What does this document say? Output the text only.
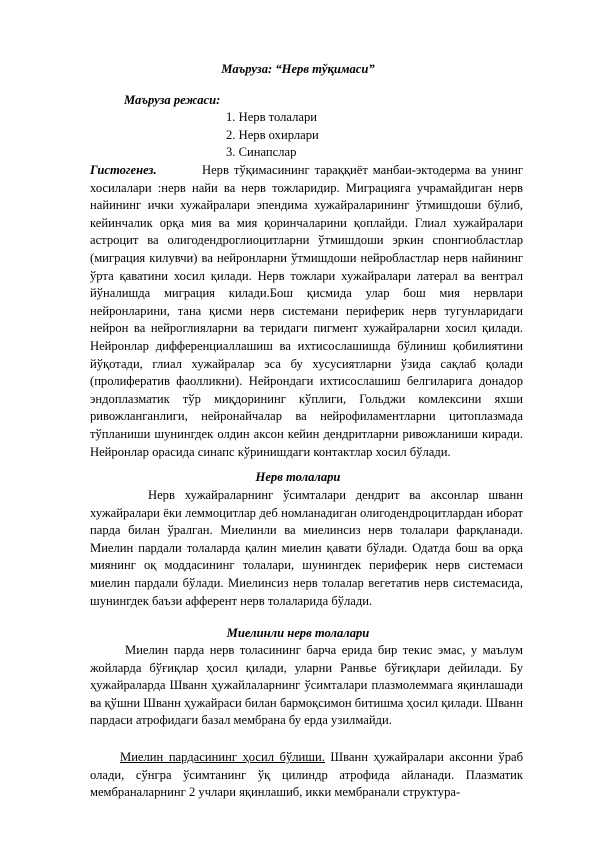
Маъруза: “Нерв тўқимаси”
Маъруза режаси:
1. Нерв толалари
2. Нерв охирлари
3. Синапслар
Гистогенез.	Нерв тўқимасининг тараққиёт манбаи-эктодерма ва унинг хосилалари :нерв найи ва нерв тожларидир. Миграцияга учрамайдиган нерв найининг ички хужайралари эпендима хужайраларининг ўтмишдоши бўлиб, кейинчалик орқа мия ва мия қоринчаларини қоплайди. Глиал хужайралари астроцит ва олигодендроглиоцитларни ўтмишдоши эркин спонгиобластлар (миграция килувчи) ва нейронларни ўтмишдоши нейробластлар нерв найининг ўрта қаватини хосил қилади. Нерв тожлари хужайралари латерал ва вентрал йўналишда миграция килади.Бош қисмида улар бош мия нервлари нейронларини, тана қисми нерв системани периферик нерв тугунларидаги нейрон ва нейроглияларни ва теридаги пигмент хужайраларни хосил қилади. Нейронлар дифференциаллашиш ва ихтисослашишда бўлиниш қобилиятини йўқотади, глиал хужайралар эса бу хусусиятларни ўзида сақлаб қолади (пролифератив фаолликни). Нейрондаги ихтисослашиш белгиларига донадор эндоплазматик тўр миқдорининг кўплиги, Гольджи комлексини яхши ривожланганлиги, нейронайчалар ва нейрофиламентларни цитоплазмада тўпланиши шунингдек олдин аксон кейин дендритларни ривожланиши киради. Нейронлар орасида синапс кўринишдаги контактлар хосил бўлади.

Нерв толалари

Нерв хужайраларнинг ўсимталари дендрит ва аксонлар шванн хужайралари ёки леммоцитлар деб номланадиган олигодендроцитлардан иборат парда билан ўралган. Миелинли ва миелинсиз нерв толалари фарқланади. Миелин пардали толаларда қалин миелин қавати бўлади. Одатда бош ва орқа миянинг оқ моддасининг толалари, шунингдек периферик нерв системаси миелин пардали бўлади. Миелинсиз нерв толалар вегетатив нерв системасида, шунингдек баъзи афферент нерв толаларида бўлади.

Миелинли нерв толалари

Миелин парда нерв толасининг барча ерида бир текис эмас, у маълум жойларда бўғиқлар ҳосил қилади, уларни Ранвье бўғиқлари дейилади. Бу ҳужайраларда Шванн ҳужайлаларнинг ўсимталари плазмолеммага яқинлашади ва қўшни Шванн ҳужайраси билан бармоқсимон битишма ҳосил қилади. Шванн пардаси атрофидаги базал мембрана бу ерда узилмайди.

Миелин пардасининг ҳосил бўлиши. Шванн ҳужайралари аксонни ўраб олади, сўнгра ўсимтанинг ўқ цилиндр атрофида айланади. Плазматик мембраналарнинг 2 учлари яқинлашиб, икки мембранали структура-
